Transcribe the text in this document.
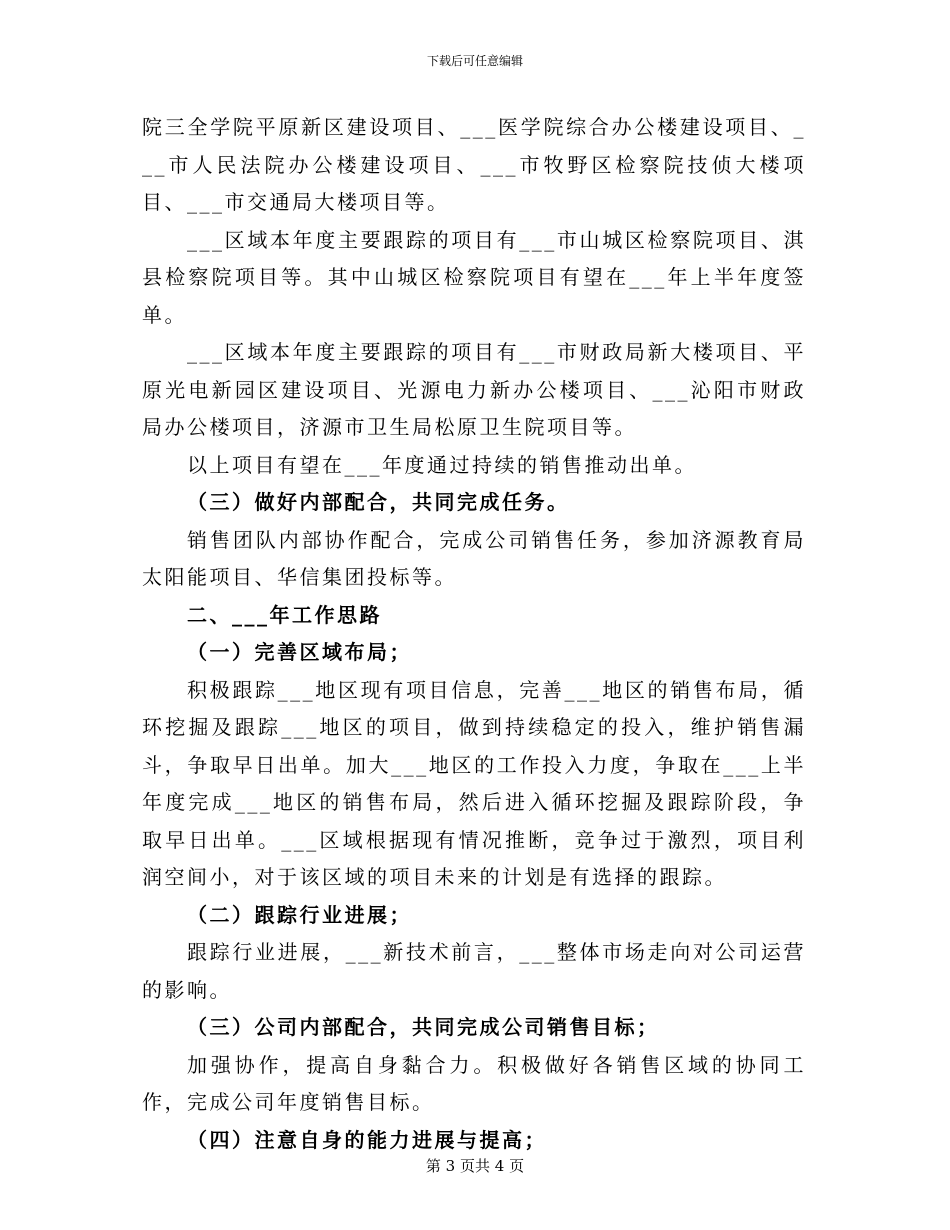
下载后可任意编辑

院三全学院平原新区建设项目、___医学院综合办公楼建设项目、___市人民法院办公楼建设项目、___市牧野区检察院技侦大楼项目、___市交通局大楼项目等。

___区域本年度主要跟踪的项目有___市山城区检察院项目、淇县检察院项目等。其中山城区检察院项目有望在___年上半年度签单。

___区域本年度主要跟踪的项目有___市财政局新大楼项目、平原光电新园区建设项目、光源电力新办公楼项目、___沁阳市财政局办公楼项目，济源市卫生局松原卫生院项目等。

以上项目有望在___年度通过持续的销售推动出单。

（三）做好内部配合，共同完成任务。

销售团队内部协作配合，完成公司销售任务，参加济源教育局太阳能项目、华信集团投标等。

二、___年工作思路

（一）完善区域布局；

积极跟踪___地区现有项目信息，完善___地区的销售布局，循环挖掘及跟踪___地区的项目，做到持续稳定的投入，维护销售漏斗，争取早日出单。加大___地区的工作投入力度，争取在___上半年度完成___地区的销售布局，然后进入循环挖掘及跟踪阶段，争取早日出单。___区域根据现有情况推断，竞争过于激烈，项目利润空间小，对于该区域的项目未来的计划是有选择的跟踪。

（二）跟踪行业进展；

跟踪行业进展，___新技术前言，___整体市场走向对公司运营的影响。

（三）公司内部配合，共同完成公司销售目标；

加强协作，提高自身黏合力。积极做好各销售区域的协同工作，完成公司年度销售目标。

（四）注意自身的能力进展与提高；

第 3 页共 4 页
